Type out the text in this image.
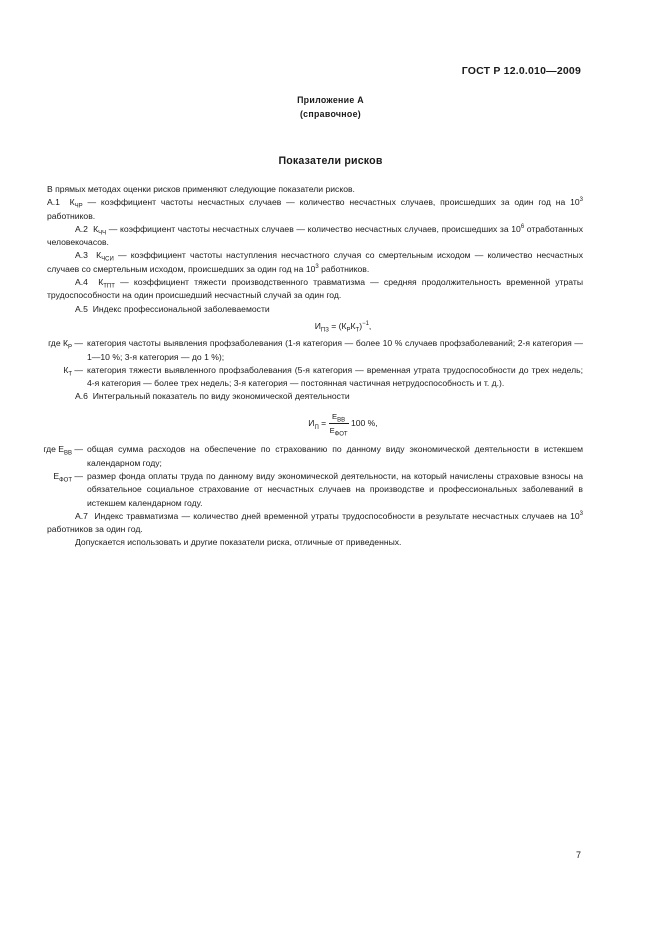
ГОСТ Р 12.0.010—2009
Приложение А
(справочное)
Показатели рисков

В прямых методах оценки рисков применяют следующие показатели рисков.

А.1 $К_{ЧР}$ — коэффициент частоты несчастных случаев — количество несчастных случаев, происшедших за один год на $10^3$ работников.

А.2 $К_{ЧЧ}$ — коэффициент частоты несчастных случаев — количество несчастных случаев, происшедших за $10^6$ отработанных человекочасов.

А.3 $К_{ЧСИ}$ — коэффициент частоты наступления несчастного случая со смертельным исходом — количество несчастных случаев со смертельным исходом, происшедших за один год на $10^3$ работников.

А.4 $К_{ТПТ}$ — коэффициент тяжести производственного травматизма — средняя продолжительность временной утраты трудоспособности на один происшедший несчастный случай за один год.

А.5 Индекс профессиональной заболеваемости

$И_{ПЗ} = (К_РК_Т)^{-1}$,

где $К_Р$ —	категория частоты выявления профзаболевания (1-я категория — более 10 % случаев профзаболеваний; 2-я категория — 1—10 %; 3-я категория — до 1 %);
$К_Т$ —	категория тяжести выявленного профзаболевания (5-я категория — временная утрата трудоспособности до трех недель; 4-я категория — более трех недель; 3-я категория — постоянная частичная нетрудоспособность и т. д.).

А.6 Интегральный показатель по виду экономической деятельности

$И_П = \frac{Е_{ВВ}}{Е_{ФОТ}} 100$ %,

где $Е_{ВВ}$ —	общая сумма расходов на обеспечение по страхованию по данному виду экономической деятельности в истекшем календарном году;
$Е_{ФОТ}$ —	размер фонда оплаты труда по данному виду экономической деятельности, на который начислены страховые взносы на обязательное социальное страхование от несчастных случаев на производстве и профессиональных заболеваний в истекшем календарном году.

А.7 Индекс травматизма — количество дней временной утраты трудоспособности в результате несчастных случаев на $10^3$ работников за один год.

Допускается использовать и другие показатели риска, отличные от приведенных.

7
